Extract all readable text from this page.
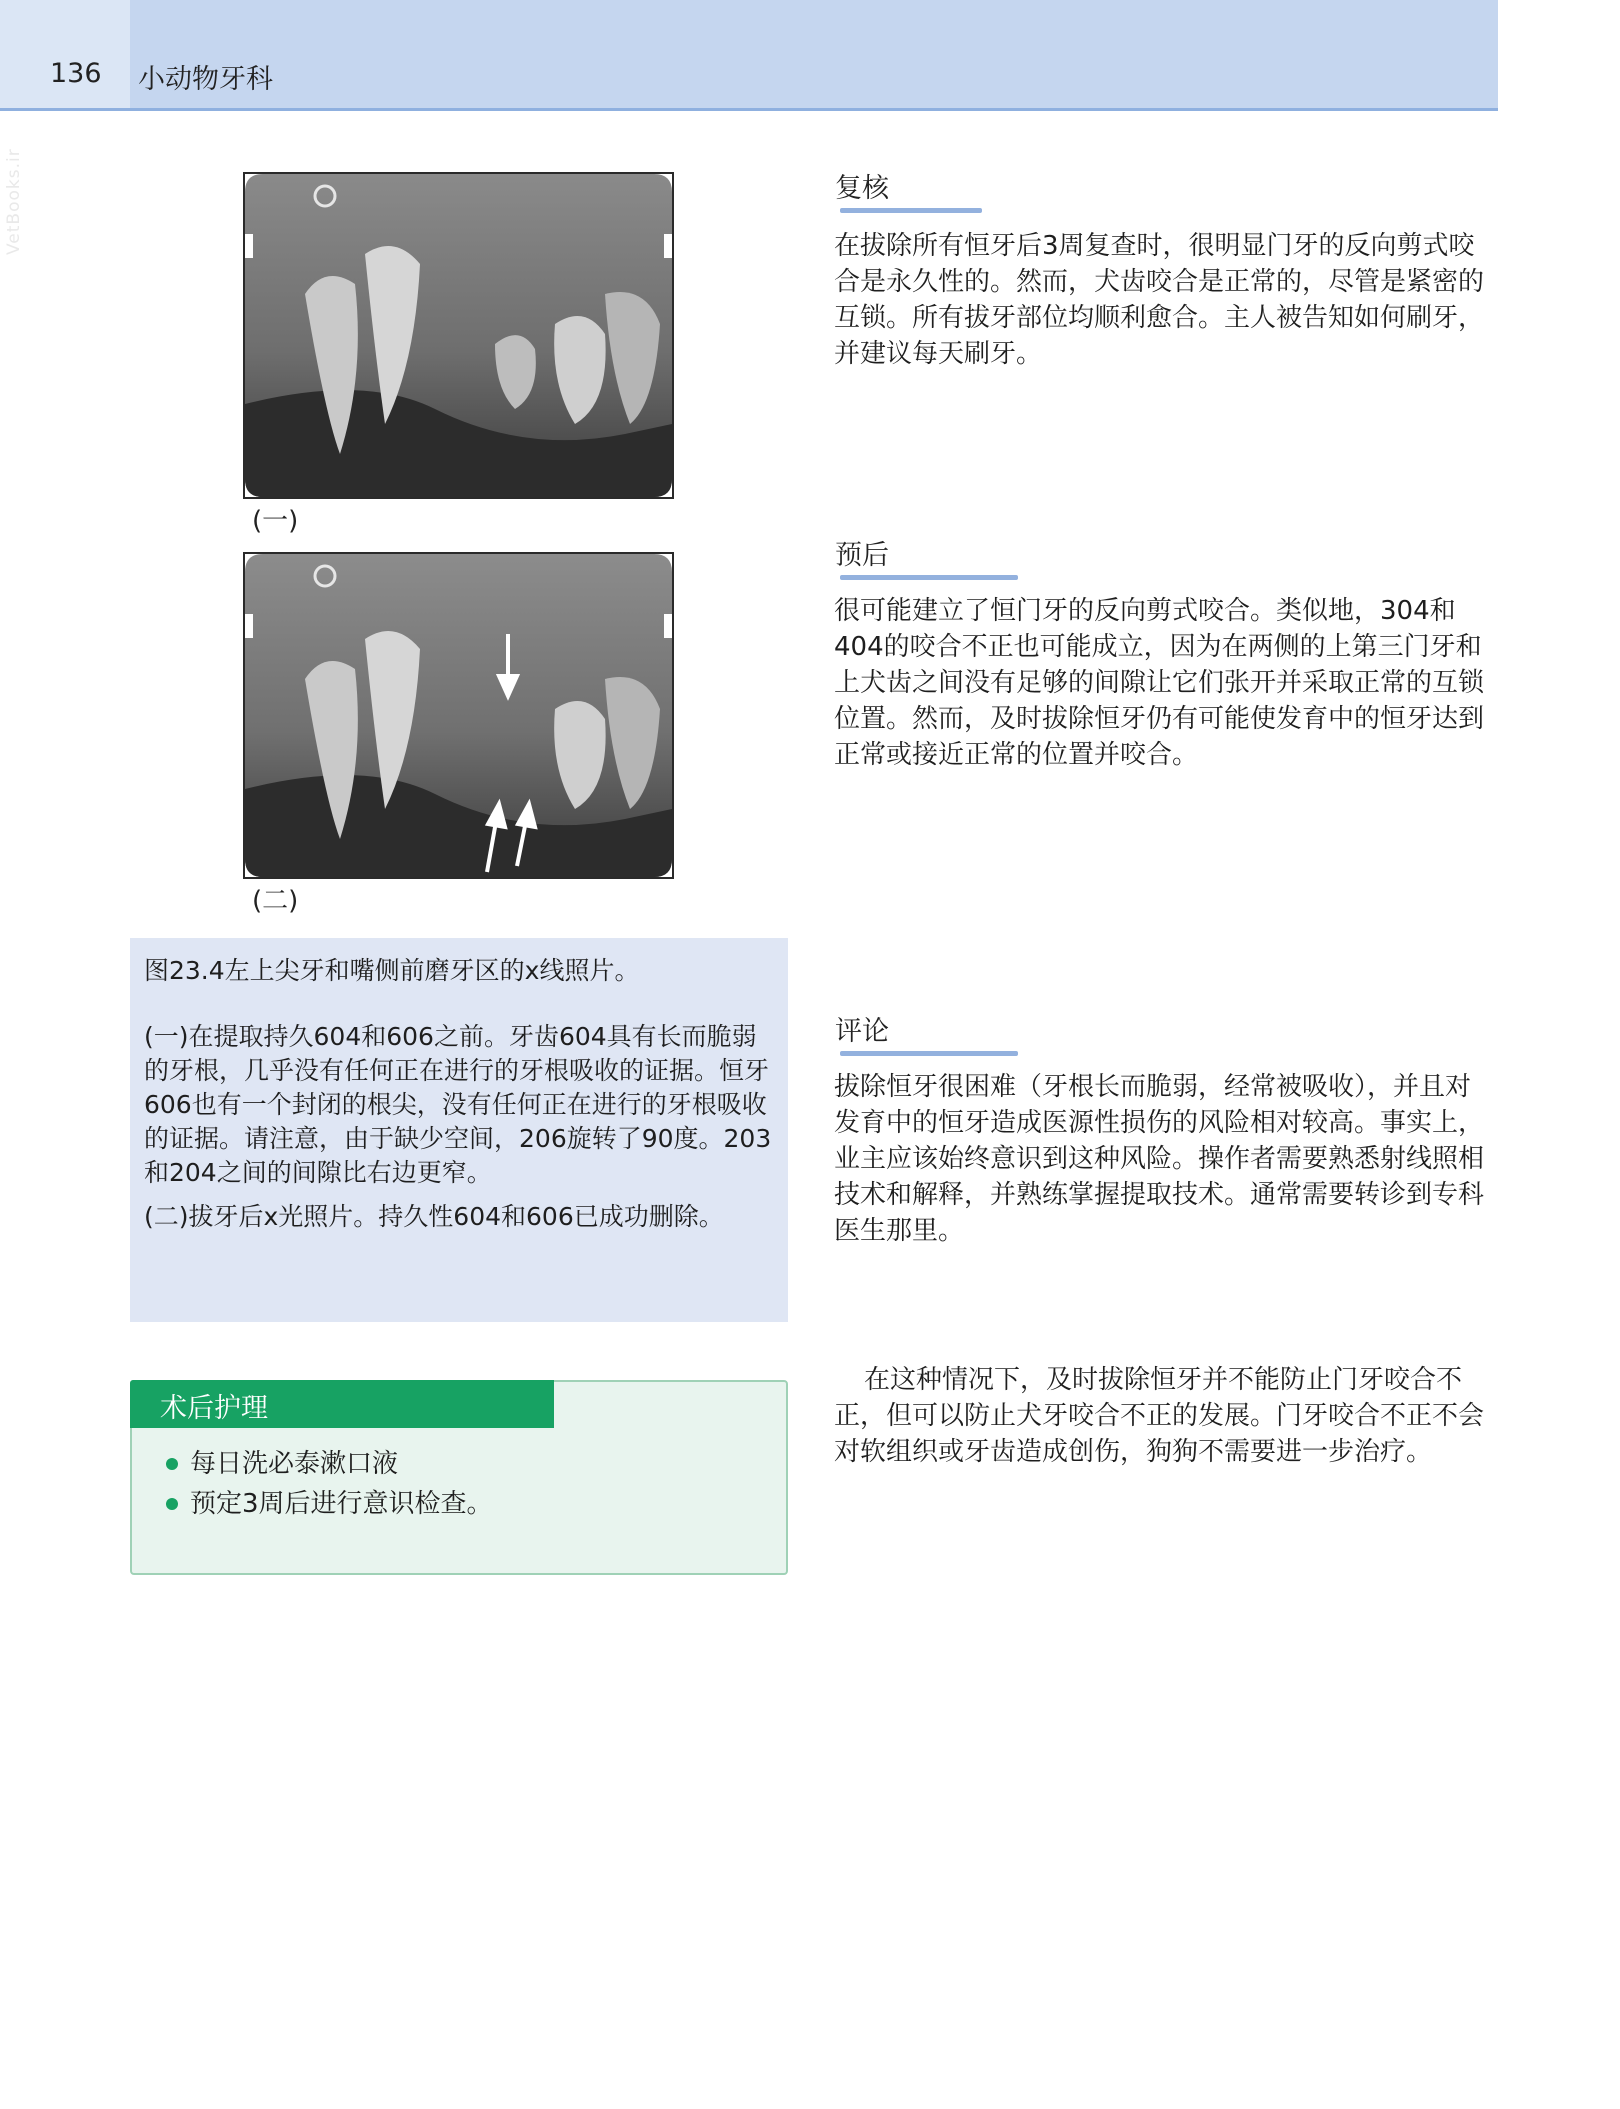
136 小动物牙科
VetBooks.ir
(一)
(二)

图23.4左上尖牙和嘴侧前磨牙区的x线照片。

(一)在提取持久604和606之前。牙齿604具有长而脆弱的牙根，几乎没有任何正在进行的牙根吸收的证据。恒牙606也有一个封闭的根尖，没有任何正在进行的牙根吸收的证据。请注意，由于缺少空间，206旋转了90度。203和204之间的间隙比右边更窄。

(二)拔牙后x光照片。持久性604和606已成功删除。

术后护理
每日洗必泰漱口液
预定3周后进行意识检查。
复核

在拔除所有恒牙后3周复查时，很明显门牙的反向剪式咬合是永久性的。然而，犬齿咬合是正常的，尽管是紧密的互锁。所有拔牙部位均顺利愈合。主人被告知如何刷牙，并建议每天刷牙。

预后

很可能建立了恒门牙的反向剪式咬合。类似地，304和404的咬合不正也可能成立，因为在两侧的上第三门牙和上犬齿之间没有足够的间隙让它们张开并采取正常的互锁位置。然而，及时拔除恒牙仍有可能使发育中的恒牙达到正常或接近正常的位置并咬合。

评论

拔除恒牙很困难（牙根长而脆弱，经常被吸收），并且对发育中的恒牙造成医源性损伤的风险相对较高。事实上，业主应该始终意识到这种风险。操作者需要熟悉射线照相技术和解释，并熟练掌握提取技术。通常需要转诊到专科医生那里。

在这种情况下，及时拔除恒牙并不能防止门牙咬合不正，但可以防止犬牙咬合不正的发展。门牙咬合不正不会对软组织或牙齿造成创伤，狗狗不需要进一步治疗。
